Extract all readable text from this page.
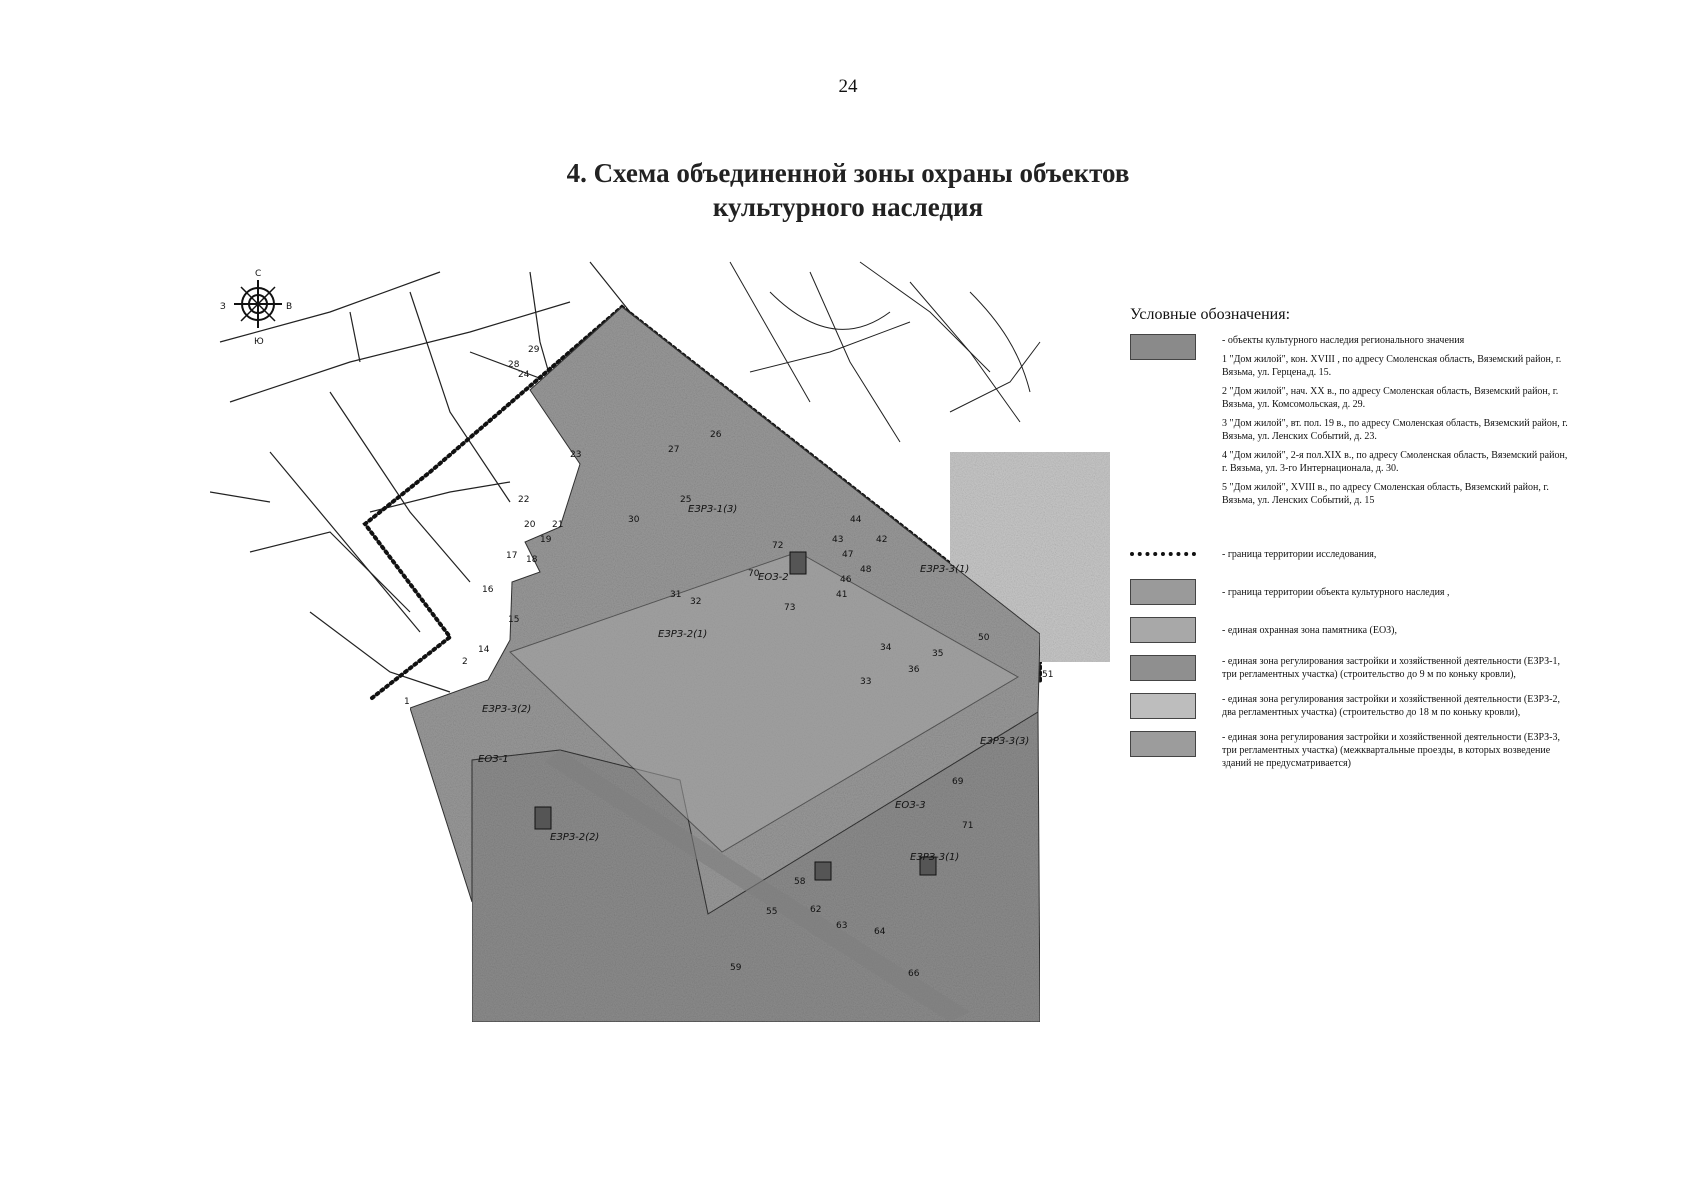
24
4. Схема объединенной зоны охраны объектов
культурного наследия
С
Ю
З	В
ЕЗРЗ-1(3)
ЕЗРЗ-2(1)
ЕЗРЗ-3(1)
ЕЗРЗ-2(2)
ЕЗРЗ-3(2)
ЕЗРЗ-3(3)
ЕЗРЗ-3(1)
ЕОЗ-2
ЕОЗ-1
ЕОЗ-3
1
2
14
15
16
17 18
19
20 21
22
23
24
25
26
27
28
29
30
31
32
33
34
35
36
41
42
43
44
46
47
48
50
51
55
58
59
62
63
64
66
69
70
71
72
73
Условные обозначения:
- объекты культурного наследия регионального значения
1 "Дом жилой", кон. XVIII , по адресу Смоленская область, Вяземский район, г. Вязьма, ул. Герцена,д. 15.
2 "Дом жилой", нач. XX в., по адресу Смоленская область, Вяземский район, г. Вязьма, ул. Комсомольская, д. 29.
3 "Дом жилой", вт. пол. 19 в., по адресу Смоленская область, Вяземский район, г. Вязьма, ул. Ленских Событий, д. 23.
4 "Дом жилой", 2-я пол.XIX в., по адресу Смоленская область, Вяземский район, г. Вязьма, ул. 3-го Интернационала, д. 30.
5 "Дом жилой", XVIII в., по адресу Смоленская область, Вяземский район, г. Вязьма, ул. Ленских Событий, д. 15
- граница территории исследования,
- граница территории объекта культурного наследия ,
- единая охранная зона памятника (ЕОЗ),
- единая зона регулирования застройки и хозяйственной деятельности (ЕЗРЗ-1, три регламентных участка) (строительство до 9 м по коньку кровли),
- единая зона регулирования застройки и хозяйственной деятельности (ЕЗРЗ-2, два регламентных участка) (строительство до 18 м по коньку кровли),
- единая зона регулирования застройки и хозяйственной деятельности (ЕЗРЗ-3, три регламентных участка) (межквартальные проезды, в которых возведение зданий не предусматривается)
